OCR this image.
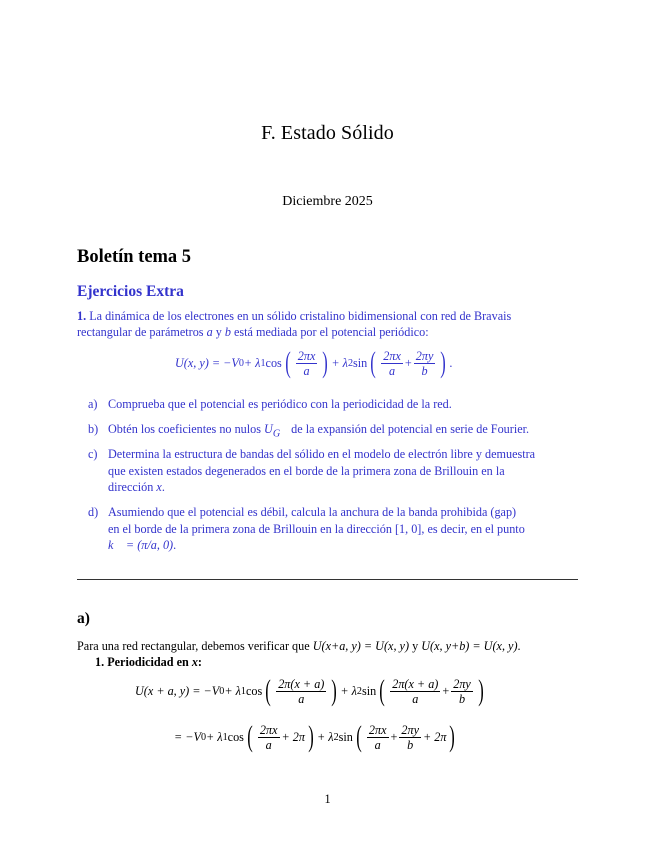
F. Estado Sólido
Diciembre 2025
Boletín tema 5
Ejercicios Extra
1. La dinámica de los electrones en un sólido cristalino bidimensional con red de Bravais
rectangular de parámetros a y b está mediada por el potencial periódico:
U(x, y) = −V 0 + λ 1 cos ( $\frac{2\pi x}{a}$ ) + λ 2 sin ( $\frac{2\pi x}{a} + \frac{2\pi y}{b}$ ) .
a) Comprueba que el potencial es periódico con la periodicidad de la red.
b) Obtén los coeficientes no nulos $U_{G⃗}$ de la expansión del potencial en serie de Fourier.
c) Determina la estructura de bandas del sólido en el modelo de electrón libre y demuestra
que existen estados degenerados en el borde de la primera zona de Brillouin en la
dirección x.
d) Asumiendo que el potencial es débil, calcula la anchura de la banda prohibida (gap)
en el borde de la primera zona de Brillouin en la dirección [1, 0], es decir, en el punto
k⃗ = (π/a, 0).
a)
Para una red rectangular, debemos verificar que U(x+a, y) = U(x, y) y U(x, y+b) = U(x, y).
1. Periodicidad en x:
U(x + a, y) = −V 0 + λ 1 cos ( $\frac{2\pi(x + a)}{a}$ ) + λ 2 sin ( $\frac{2\pi(x + a)}{a} + \frac{2\pi y}{b}$ )
= −V 0 + λ 1 cos ( $\frac{2\pi x}{a} + 2\pi$ ) + λ 2 sin ( $\frac{2\pi x}{a} + \frac{2\pi y}{b} + 2\pi$ )
1
